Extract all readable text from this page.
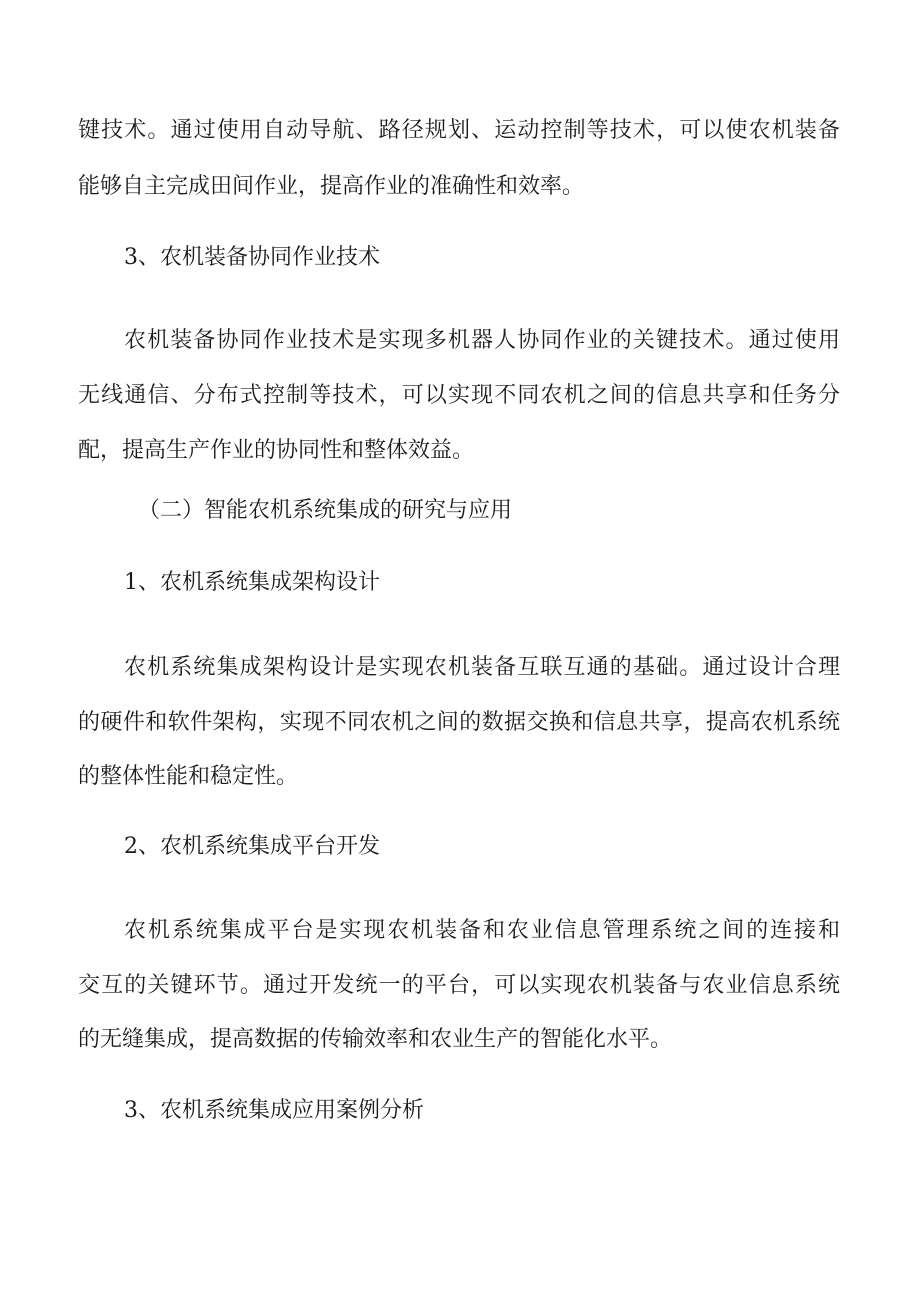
键技术。通过使用自动导航、路径规划、运动控制等技术，可以使农机装备
能够自主完成田间作业，提高作业的准确性和效率。
3、农机装备协同作业技术
农机装备协同作业技术是实现多机器人协同作业的关键技术。通过使用
无线通信、分布式控制等技术，可以实现不同农机之间的信息共享和任务分
配，提高生产作业的协同性和整体效益。
（二）智能农机系统集成的研究与应用
1、农机系统集成架构设计
农机系统集成架构设计是实现农机装备互联互通的基础。通过设计合理
的硬件和软件架构，实现不同农机之间的数据交换和信息共享，提高农机系统
的整体性能和稳定性。
2、农机系统集成平台开发
农机系统集成平台是实现农机装备和农业信息管理系统之间的连接和
交互的关键环节。通过开发统一的平台，可以实现农机装备与农业信息系统
的无缝集成，提高数据的传输效率和农业生产的智能化水平。
3、农机系统集成应用案例分析
